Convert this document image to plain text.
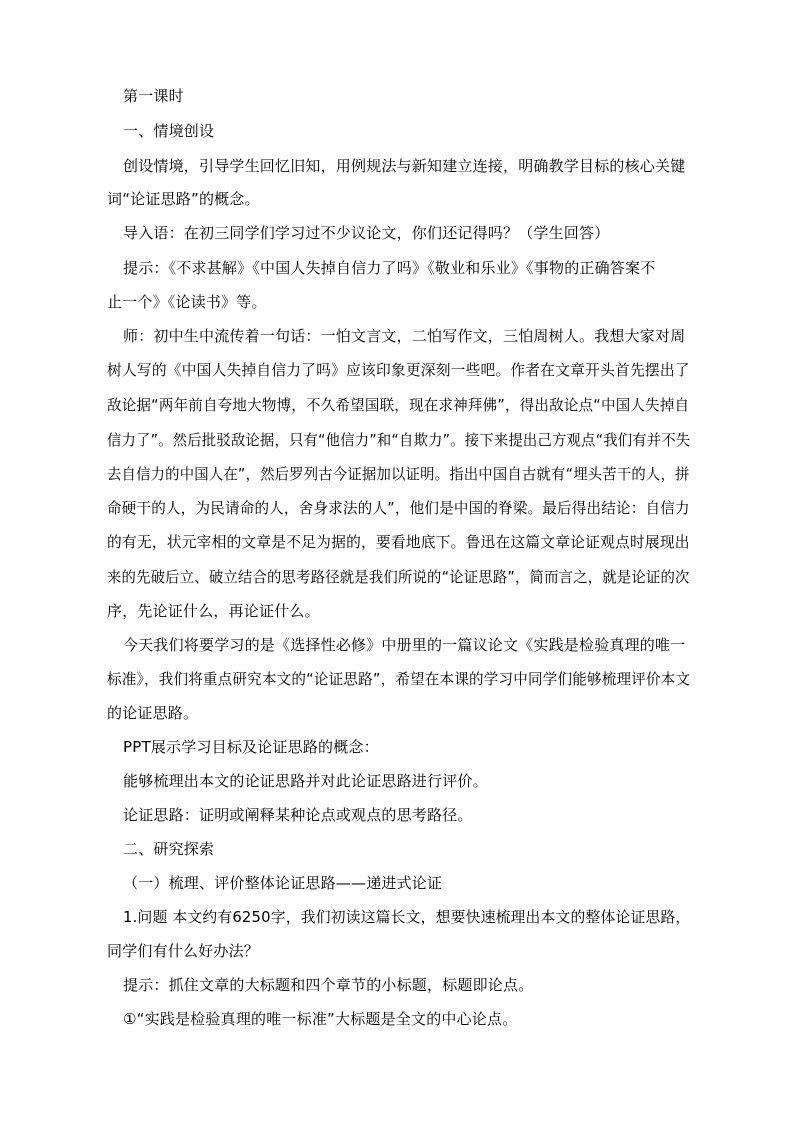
第一课时
一、情境创设
创设情境，引导学生回忆旧知，用例规法与新知建立连接，明确教学目标的核心关键
词“论证思路”的概念。
导入语：在初三同学们学习过不少议论文，你们还记得吗？（学生回答）
提示：《不求甚解》《中国人失掉自信力了吗》《敬业和乐业》《事物的正确答案不
止一个》《论读书》等。
师：初中生中流传着一句话：一怕文言文，二怕写作文，三怕周树人。我想大家对周
树人写的《中国人失掉自信力了吗》应该印象更深刻一些吧。作者在文章开头首先摆出了
敌论据“两年前自夸地大物博，不久希望国联，现在求神拜佛”，得出敌论点“中国人失掉自
信力了”。然后批驳敌论据，只有“他信力”和“自欺力”。接下来提出己方观点“我们有并不失
去自信力的中国人在”，然后罗列古今证据加以证明。指出中国自古就有“埋头苦干的人，拼
命硬干的人，为民请命的人，舍身求法的人”，他们是中国的脊梁。最后得出结论：自信力
的有无，状元宰相的文章是不足为据的，要看地底下。鲁迅在这篇文章论证观点时展现出
来的先破后立、破立结合的思考路径就是我们所说的“论证思路”，简而言之，就是论证的次
序，先论证什么，再论证什么。
今天我们将要学习的是《选择性必修》中册里的一篇议论文《实践是检验真理的唯一
标准》，我们将重点研究本文的“论证思路”，希望在本课的学习中同学们能够梳理评价本文
的论证思路。
PPT展示学习目标及论证思路的概念：
能够梳理出本文的论证思路并对此论证思路进行评价。
论证思路：证明或阐释某种论点或观点的思考路径。
二、研究探索
（一）梳理、评价整体论证思路——递进式论证
1.问题 本文约有6250字，我们初读这篇长文，想要快速梳理出本文的整体论证思路，
同学们有什么好办法？
提示：抓住文章的大标题和四个章节的小标题，标题即论点。
①“实践是检验真理的唯一标准”大标题是全文的中心论点。
